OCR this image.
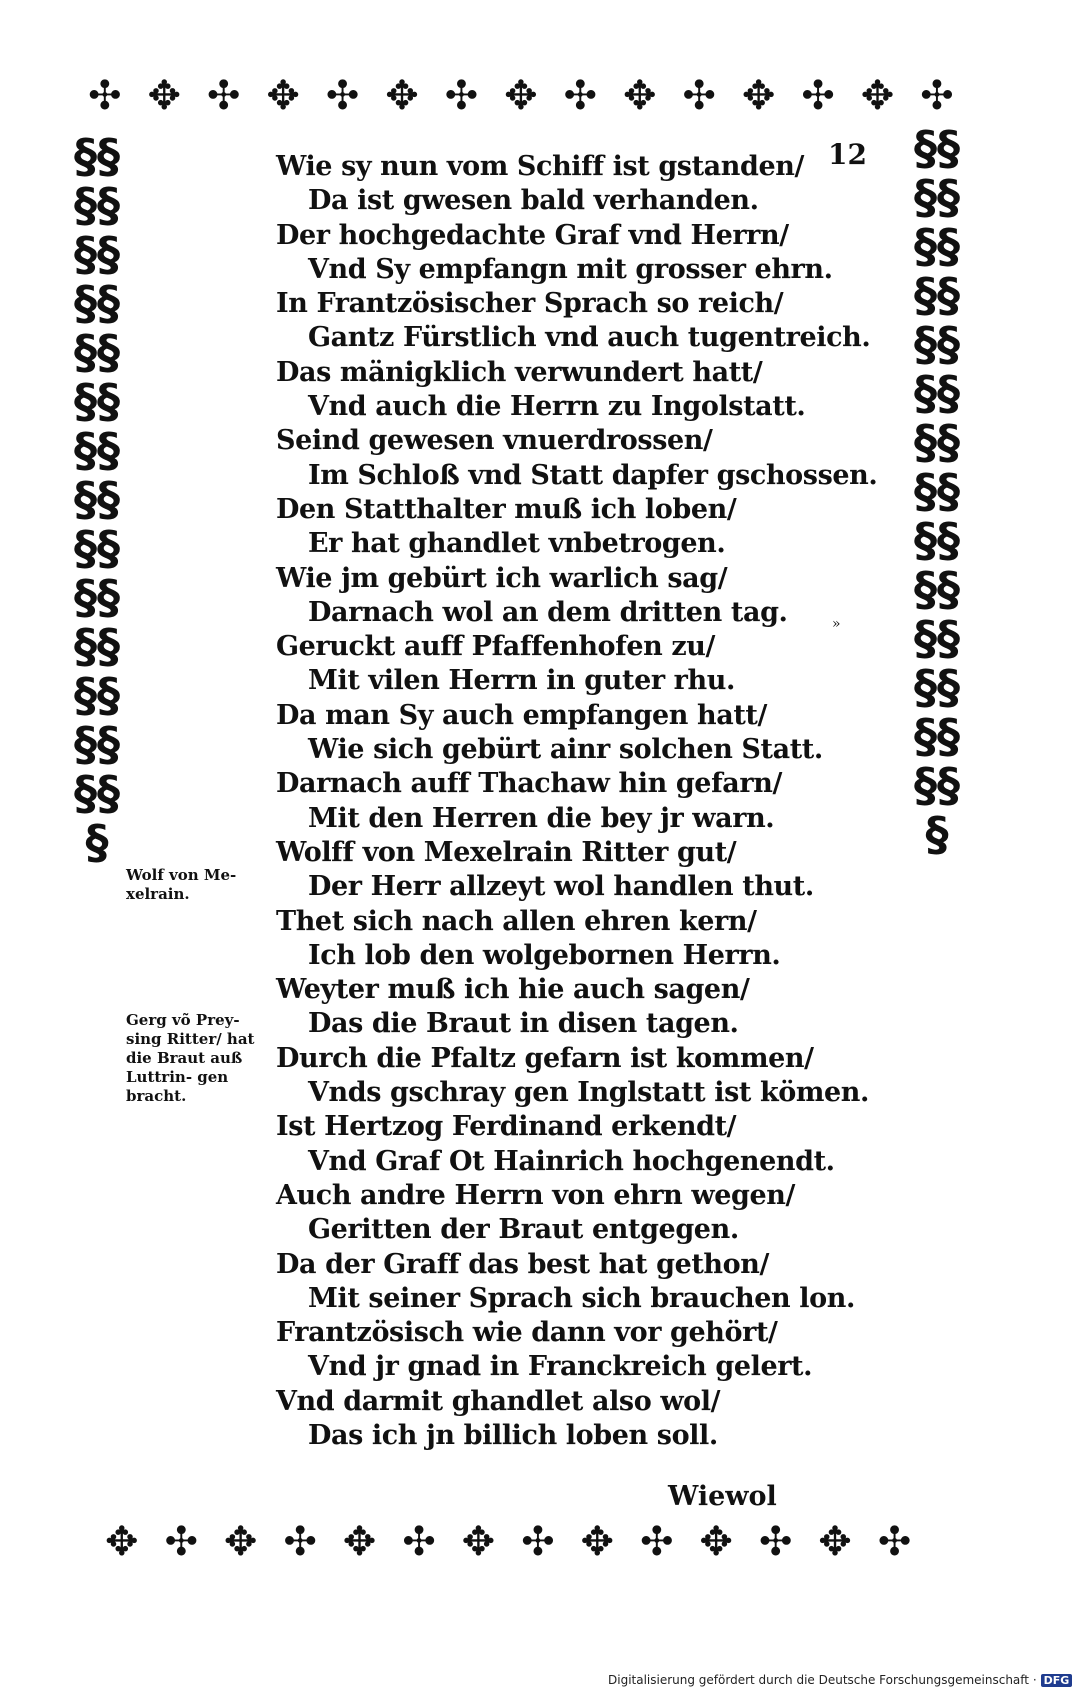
✣ ✥ ✣ ✥ ✣ ✥ ✣ ✥ ✣ ✥ ✣ ✥ ✣ ✥ ✣
§§§§§§§§§§§§§§§§§§§§§§§§§§§§§
§§§§§§§§§§§§§§§§§§§§§§§§§§§§§
✥ ✣ ✥ ✣ ✥ ✣ ✥ ✣ ✥ ✣ ✥ ✣ ✥ ✣
12
»
Wie sy nun vom Schiff ist gstanden/
Da ist gwesen bald verhanden.
Der hochgedachte Graf vnd Herrn/
Vnd Sy empfangn mit grosser ehrn.
In Frantzösischer Sprach so reich/
Gantz Fürstlich vnd auch tugentreich.
Das mänigklich verwundert hatt/
Vnd auch die Herrn zu Ingolstatt.
Seind gewesen vnuerdrossen/
Im Schloß vnd Statt dapfer gschossen.
Den Statthalter muß ich loben/
Er hat ghandlet vnbetrogen.
Wie jm gebürt ich warlich sag/
Darnach wol an dem dritten tag.
Geruckt auff Pfaffenhofen zu/
Mit vilen Herrn in guter rhu.
Da man Sy auch empfangen hatt/
Wie sich gebürt ainr solchen Statt.
Darnach auff Thachaw hin gefarn/
Mit den Herren die bey jr warn.
Wolff von Mexelrain Ritter gut/
Der Herr allzeyt wol handlen thut.
Thet sich nach allen ehren kern/
Ich lob den wolgebornen Herrn.
Weyter muß ich hie auch sagen/
Das die Braut in disen tagen.
Durch die Pfaltz gefarn ist kommen/
Vnds gschray gen Inglstatt ist kömen.
Ist Hertzog Ferdinand erkendt/
Vnd Graf Ot Hainrich hochgenendt.
Auch andre Herrn von ehrn wegen/
Geritten der Braut entgegen.
Da der Graff das best hat gethon/
Mit seiner Sprach sich brauchen lon.
Frantzösisch wie dann vor gehört/
Vnd jr gnad in Franckreich gelert.
Vnd darmit ghandlet also wol/
Das ich jn billich loben soll.
Wolf von Me- xelrain.
Gerg võ Prey- sing Ritter/ hat die Braut auß Luttrin- gen bracht.
Wiewol
Digitalisierung gefördert durch die Deutsche Forschungsgemeinschaft · DFG
